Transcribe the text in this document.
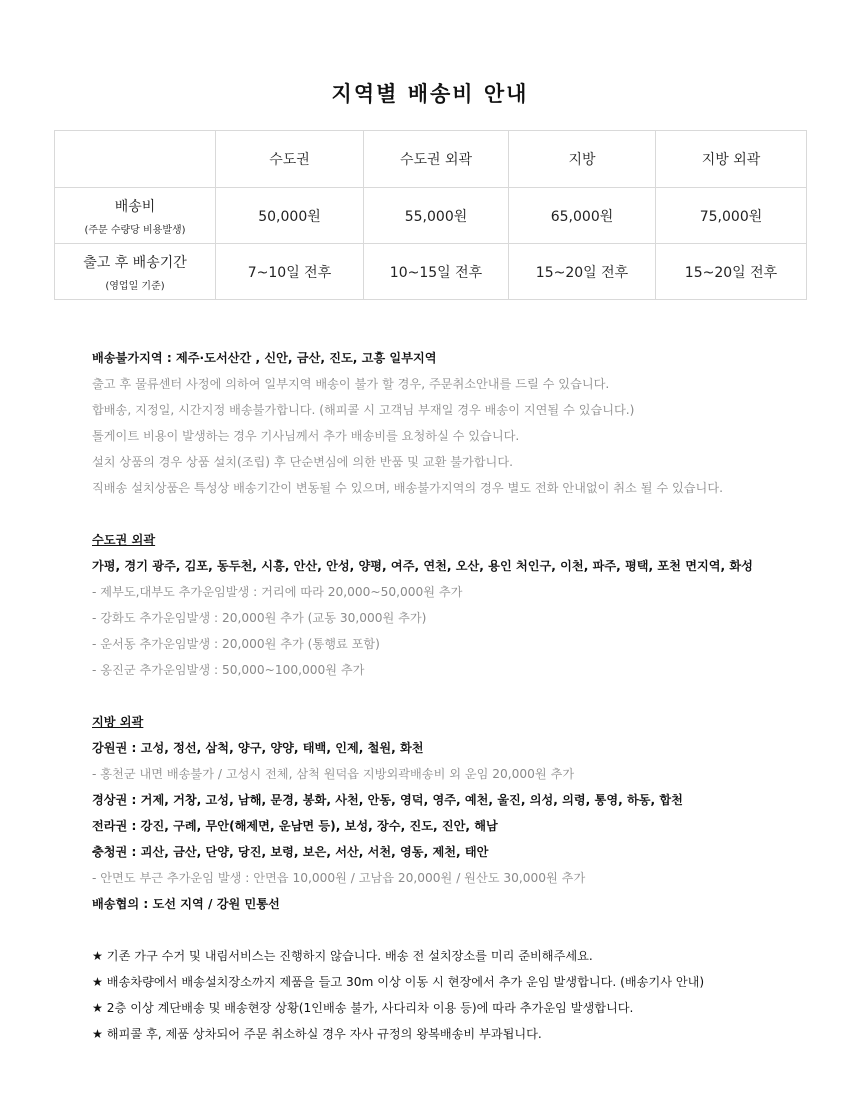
지역별 배송비 안내
	수도권	수도권 외곽	지방	지방 외곽

배송비
(주문 수량당 비용발생)	50,000원	55,000원	65,000원	75,000원

출고 후 배송기간
(영업일 기준)	7~10일 전후	10~15일 전후	15~20일 전후	15~20일 전후
배송불가지역 : 제주·도서산간 , 신안, 금산, 진도, 고흥 일부지역
출고 후 물류센터 사정에 의하여 일부지역 배송이 불가 할 경우, 주문취소안내를 드릴 수 있습니다.
합배송, 지정일, 시간지정 배송불가합니다. (해피콜 시 고객님 부재일 경우 배송이 지연될 수 있습니다.)
톨게이트 비용이 발생하는 경우 기사님께서 추가 배송비를 요청하실 수 있습니다.
설치 상품의 경우 상품 설치(조립) 후 단순변심에 의한 반품 및 교환 불가합니다.
직배송 설치상품은 특성상 배송기간이 변동될 수 있으며, 배송불가지역의 경우 별도 전화 안내없이 취소 될 수 있습니다.
수도권 외곽
가평, 경기 광주, 김포, 동두천, 시흥, 안산, 안성, 양평, 여주, 연천, 오산, 용인 처인구, 이천, 파주, 평택, 포천 면지역, 화성
- 제부도,대부도 추가운임발생 : 거리에 따라 20,000~50,000원 추가
- 강화도 추가운임발생 : 20,000원 추가 (교동 30,000원 추가)
- 운서동 추가운임발생 : 20,000원 추가 (통행료 포함)
- 옹진군 추가운임발생 : 50,000~100,000원 추가
지방 외곽
강원권 : 고성, 정선, 삼척, 양구, 양양, 태백, 인제, 철원, 화천
- 홍천군 내면 배송불가 / 고성시 전체, 삼척 원덕읍 지방외곽배송비 외 운임 20,000원 추가
경상권 : 거제, 거창, 고성, 남해, 문경, 봉화, 사천, 안동, 영덕, 영주, 예천, 울진, 의성, 의령, 통영, 하동, 합천
전라권 : 강진, 구례, 무안(해제면, 운남면 등), 보성, 장수, 진도, 진안, 해남
충청권 : 괴산, 금산, 단양, 당진, 보령, 보은, 서산, 서천, 영동, 제천, 태안
- 안면도 부근 추가운임 발생 : 안면읍 10,000원 / 고남읍 20,000원 / 원산도 30,000원 추가
배송협의 : 도선 지역 / 강원 민통선
★ 기존 가구 수거 및 내림서비스는 진행하지 않습니다. 배송 전 설치장소를 미리 준비해주세요.
★ 배송차량에서 배송설치장소까지 제품을 들고 30m 이상 이동 시 현장에서 추가 운임 발생합니다. (배송기사 안내)
★ 2층 이상 계단배송 및 배송현장 상황(1인배송 불가, 사다리차 이용 등)에 따라 추가운임 발생합니다.
★ 해피콜 후, 제품 상차되어 주문 취소하실 경우 자사 규정의 왕복배송비 부과됩니다.
